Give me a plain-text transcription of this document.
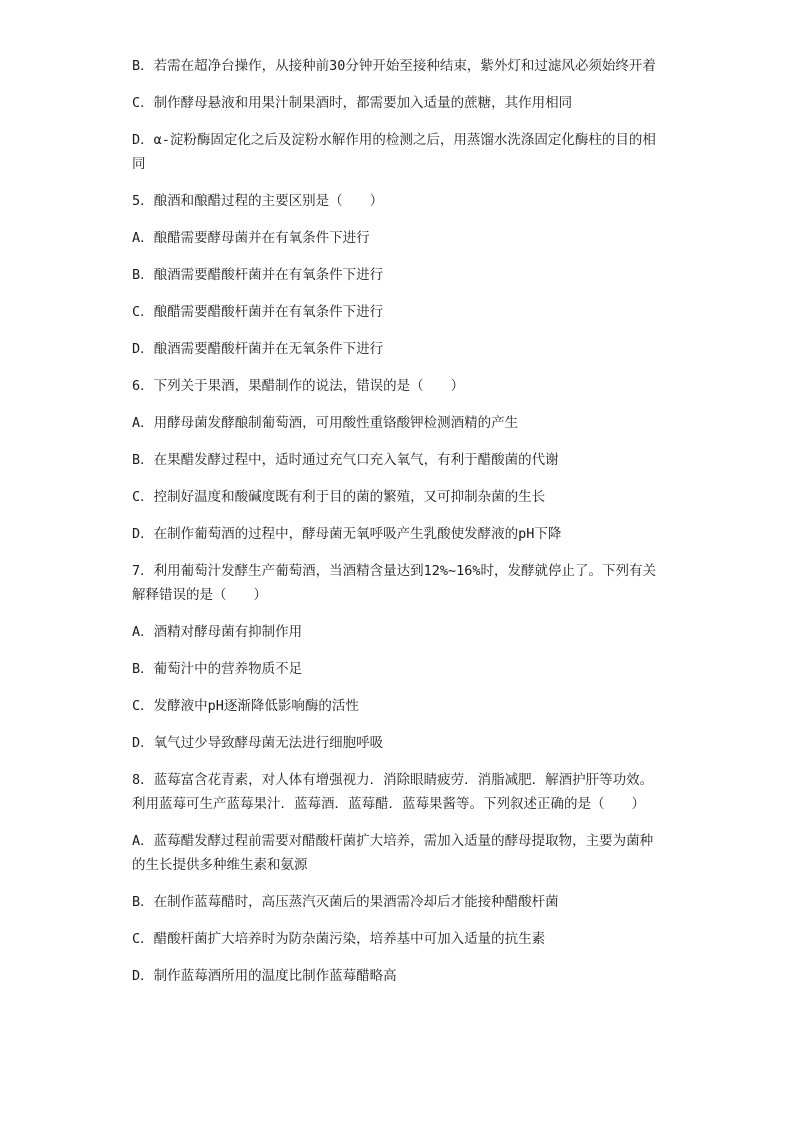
B．若需在超净台操作，从接种前30分钟开始至接种结束，紫外灯和过滤风必须始终开着

C．制作酵母悬液和用果汁制果酒时，都需要加入适量的蔗糖，其作用相同

D．α-淀粉酶固定化之后及淀粉水解作用的检测之后，用蒸馏水洗涤固定化酶柱的目的相同

5．酿酒和酿醋过程的主要区别是（　　）

A．酿醋需要酵母菌并在有氧条件下进行

B．酿酒需要醋酸杆菌并在有氧条件下进行

C．酿醋需要醋酸杆菌并在有氧条件下进行

D．酿酒需要醋酸杆菌并在无氧条件下进行

6．下列关于果酒，果醋制作的说法，错误的是（　　）

A．用酵母菌发酵酿制葡萄酒，可用酸性重铬酸钾检测酒精的产生

B．在果醋发酵过程中，适时通过充气口充入氧气，有利于醋酸菌的代谢

C．控制好温度和酸碱度既有利于目的菌的繁殖，又可抑制杂菌的生长

D．在制作葡萄酒的过程中，酵母菌无氧呼吸产生乳酸使发酵液的pH下降

7．利用葡萄汁发酵生产葡萄酒，当酒精含量达到12%~16%时，发酵就停止了。下列有关解释错误的是（　　）

A．酒精对酵母菌有抑制作用

B．葡萄汁中的营养物质不足

C．发酵液中pH逐渐降低影响酶的活性

D．氧气过少导致酵母菌无法进行细胞呼吸

8．蓝莓富含花青素，对人体有增强视力．消除眼睛疲劳．消脂减肥．解酒护肝等功效。利用蓝莓可生产蓝莓果汁．蓝莓酒．蓝莓醋．蓝莓果酱等。下列叙述正确的是（　　）

A．蓝莓醋发酵过程前需要对醋酸杆菌扩大培养，需加入适量的酵母提取物，主要为菌种的生长提供多种维生素和氨源

B．在制作蓝莓醋时，高压蒸汽灭菌后的果酒需冷却后才能接种醋酸杆菌

C．醋酸杆菌扩大培养时为防杂菌污染，培养基中可加入适量的抗生素

D．制作蓝莓酒所用的温度比制作蓝莓醋略高
